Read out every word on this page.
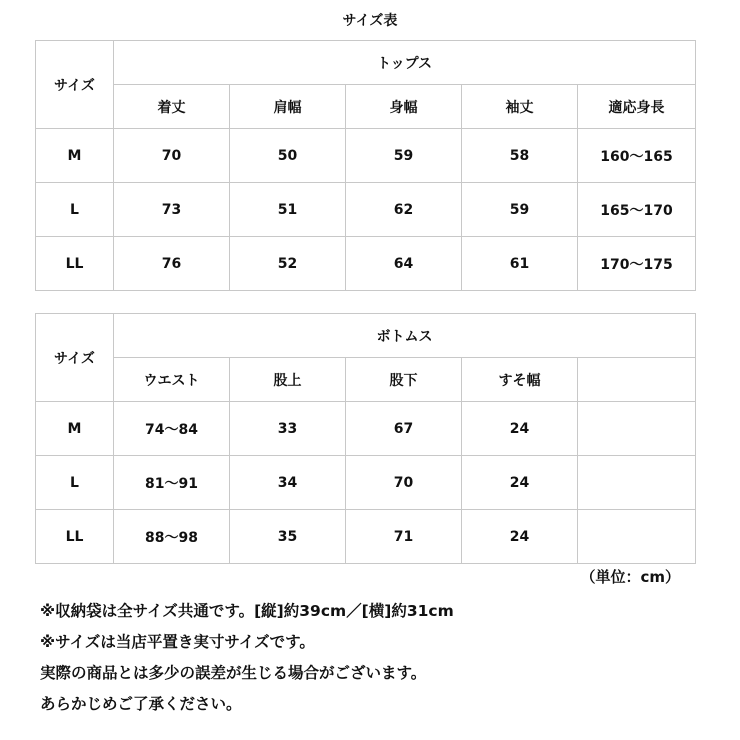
サイズ表
サイズ	トップス				
	着丈	肩幅	身幅	袖丈	適応身長
M	70	50	59	58	160～165
L	73	51	62	59	165～170
LL	76	52	64	61	170～175
サイズ	ボトムス				
	ウエスト	股上	股下	すそ幅	
M	74～84	33	67	24	
L	81～91	34	70	24	
LL	88～98	35	71	24	
（単位：cm）
※収納袋は全サイズ共通です。[縦]約39cm／[横]約31cm
※サイズは当店平置き実寸サイズです。
実際の商品とは多少の誤差が生じる場合がございます。
あらかじめご了承ください。
